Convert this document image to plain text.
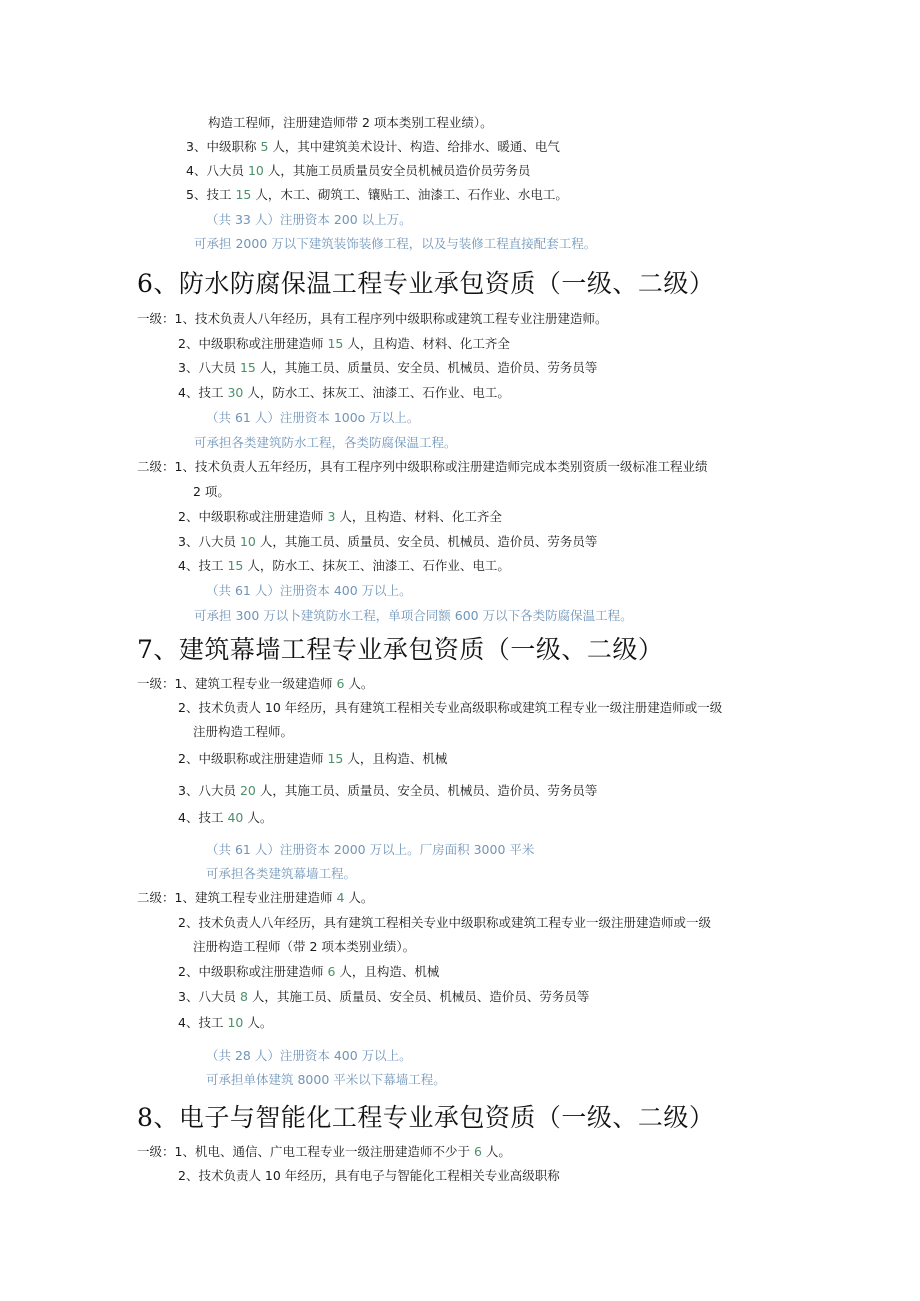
6、防水防腐保温工程专业承包资质（一级、二级）
7、建筑幕墙工程专业承包资质（一级、二级）
8、电子与智能化工程专业承包资质（一级、二级）
构造工程师，注册建造师带 2 项本类别工程业绩）。
3、中级职称 5 人，其中建筑美术设计、构造、给排水、暖通、电气
4、八大员 10 人，其施工员质量员安全员机械员造价员劳务员
5、技工 15 人，木工、砌筑工、镶贴工、油漆工、石作业、水电工。
（共 33 人）注册资本 200 以上万。
可承担 2000 万以下建筑装饰装修工程，以及与装修工程直接配套工程。
一级：1、技术负责人八年经历，具有工程序列中级职称或建筑工程专业注册建造师。
2、中级职称或注册建造师 15 人，且构造、材料、化工齐全
3、八大员 15 人，其施工员、质量员、安全员、机械员、造价员、劳务员等
4、技工 30 人，防水工、抹灰工、油漆工、石作业、电工。
（共 61 人）注册资本 100o 万以上。
可承担各类建筑防水工程，各类防腐保温工程。
二级：1、技术负责人五年经历，具有工程序列中级职称或注册建造师完成本类别资质一级标准工程业绩
2 项。
2、中级职称或注册建造师 3 人，且构造、材料、化工齐全
3、八大员 10 人，其施工员、质量员、安全员、机械员、造价员、劳务员等
4、技工 15 人，防水工、抹灰工、油漆工、石作业、电工。
（共 61 人）注册资本 400 万以上。
可承担 300 万以卜建筑防水工程，单项合同额 600 万以下各类防腐保温工程。
一级：1、建筑工程专业一级建造师 6 人。
2、技术负责人 10 年经历，具有建筑工程相关专业高级职称或建筑工程专业一级注册建造师或一级
注册构造工程师。
2、中级职称或注册建造师 15 人，且构造、机械
3、八大员 20 人，其施工员、质量员、安全员、机械员、造价员、劳务员等
4、技工 40 人。
（共 61 人）注册资本 2000 万以上。厂房面积 3000 平米
可承担各类建筑幕墙工程。
二级：1、建筑工程专业注册建造师 4 人。
2、技术负责人八年经历，具有建筑工程相关专业中级职称或建筑工程专业一级注册建造师或一级
注册构造工程师（带 2 项本类别业绩）。
2、中级职称或注册建造师 6 人，且构造、机械
3、八大员 8 人，其施工员、质量员、安全员、机械员、造价员、劳务员等
4、技工 10 人。
（共 28 人）注册资本 400 万以上。
可承担单体建筑 8000 平米以下幕墙工程。
一级：1、机电、通信、广电工程专业一级注册建造师不少于 6 人。
2、技术负责人 10 年经历，具有电子与智能化工程相关专业高级职称
